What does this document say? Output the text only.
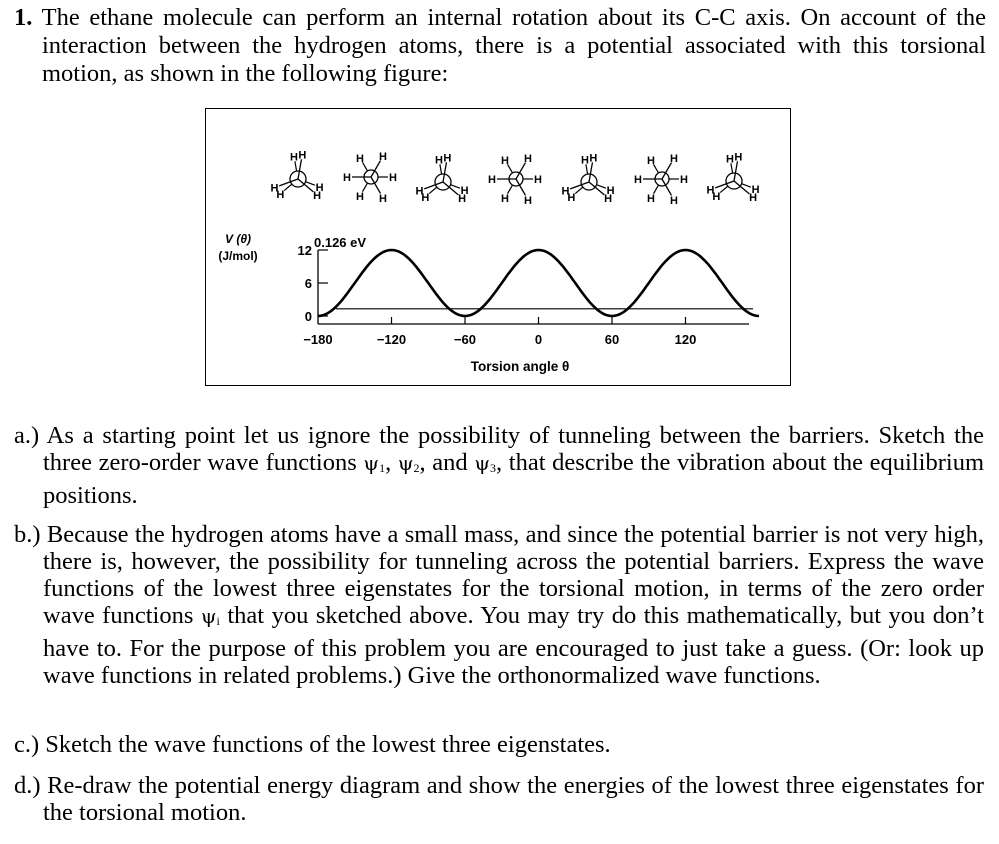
1. The ethane molecule can perform an internal rotation about its C-C axis. On account of the interaction between the hydrogen atoms, there is a potential associated with this torsional motion, as shown in the following figure:

H
H
H
H
H
H
H
H
H
H
H
H
H
H
H
H
H
H
H
H
H
H
H
H
H
H
H
H
H
H
H
H
H
H
H
H
H
H
H
H
H
H
0
6
12
−180	−120	−60	0	60	120
V (θ)
(J/mol)
0.126 eV
Torsion angle θ

a.) As a starting point let us ignore the possibility of tunneling between the barriers. Sketch the three zero-order wave functions ψ1, ψ2, and ψ3, that describe the vibration about the equilibrium positions.

b.) Because the hydrogen atoms have a small mass, and since the potential barrier is not very high, there is, however, the possibility for tunneling across the potential barriers. Express the wave functions of the lowest three eigenstates for the torsional motion, in terms of the zero order wave functions ψi that you sketched above. You may try do this mathematically, but you don’t have to. For the purpose of this problem you are encouraged to just take a guess. (Or: look up wave functions in related problems.) Give the orthonormalized wave functions.

c.) Sketch the wave functions of the lowest three eigenstates.

d.) Re-draw the potential energy diagram and show the energies of the lowest three eigenstates for the torsional motion.
